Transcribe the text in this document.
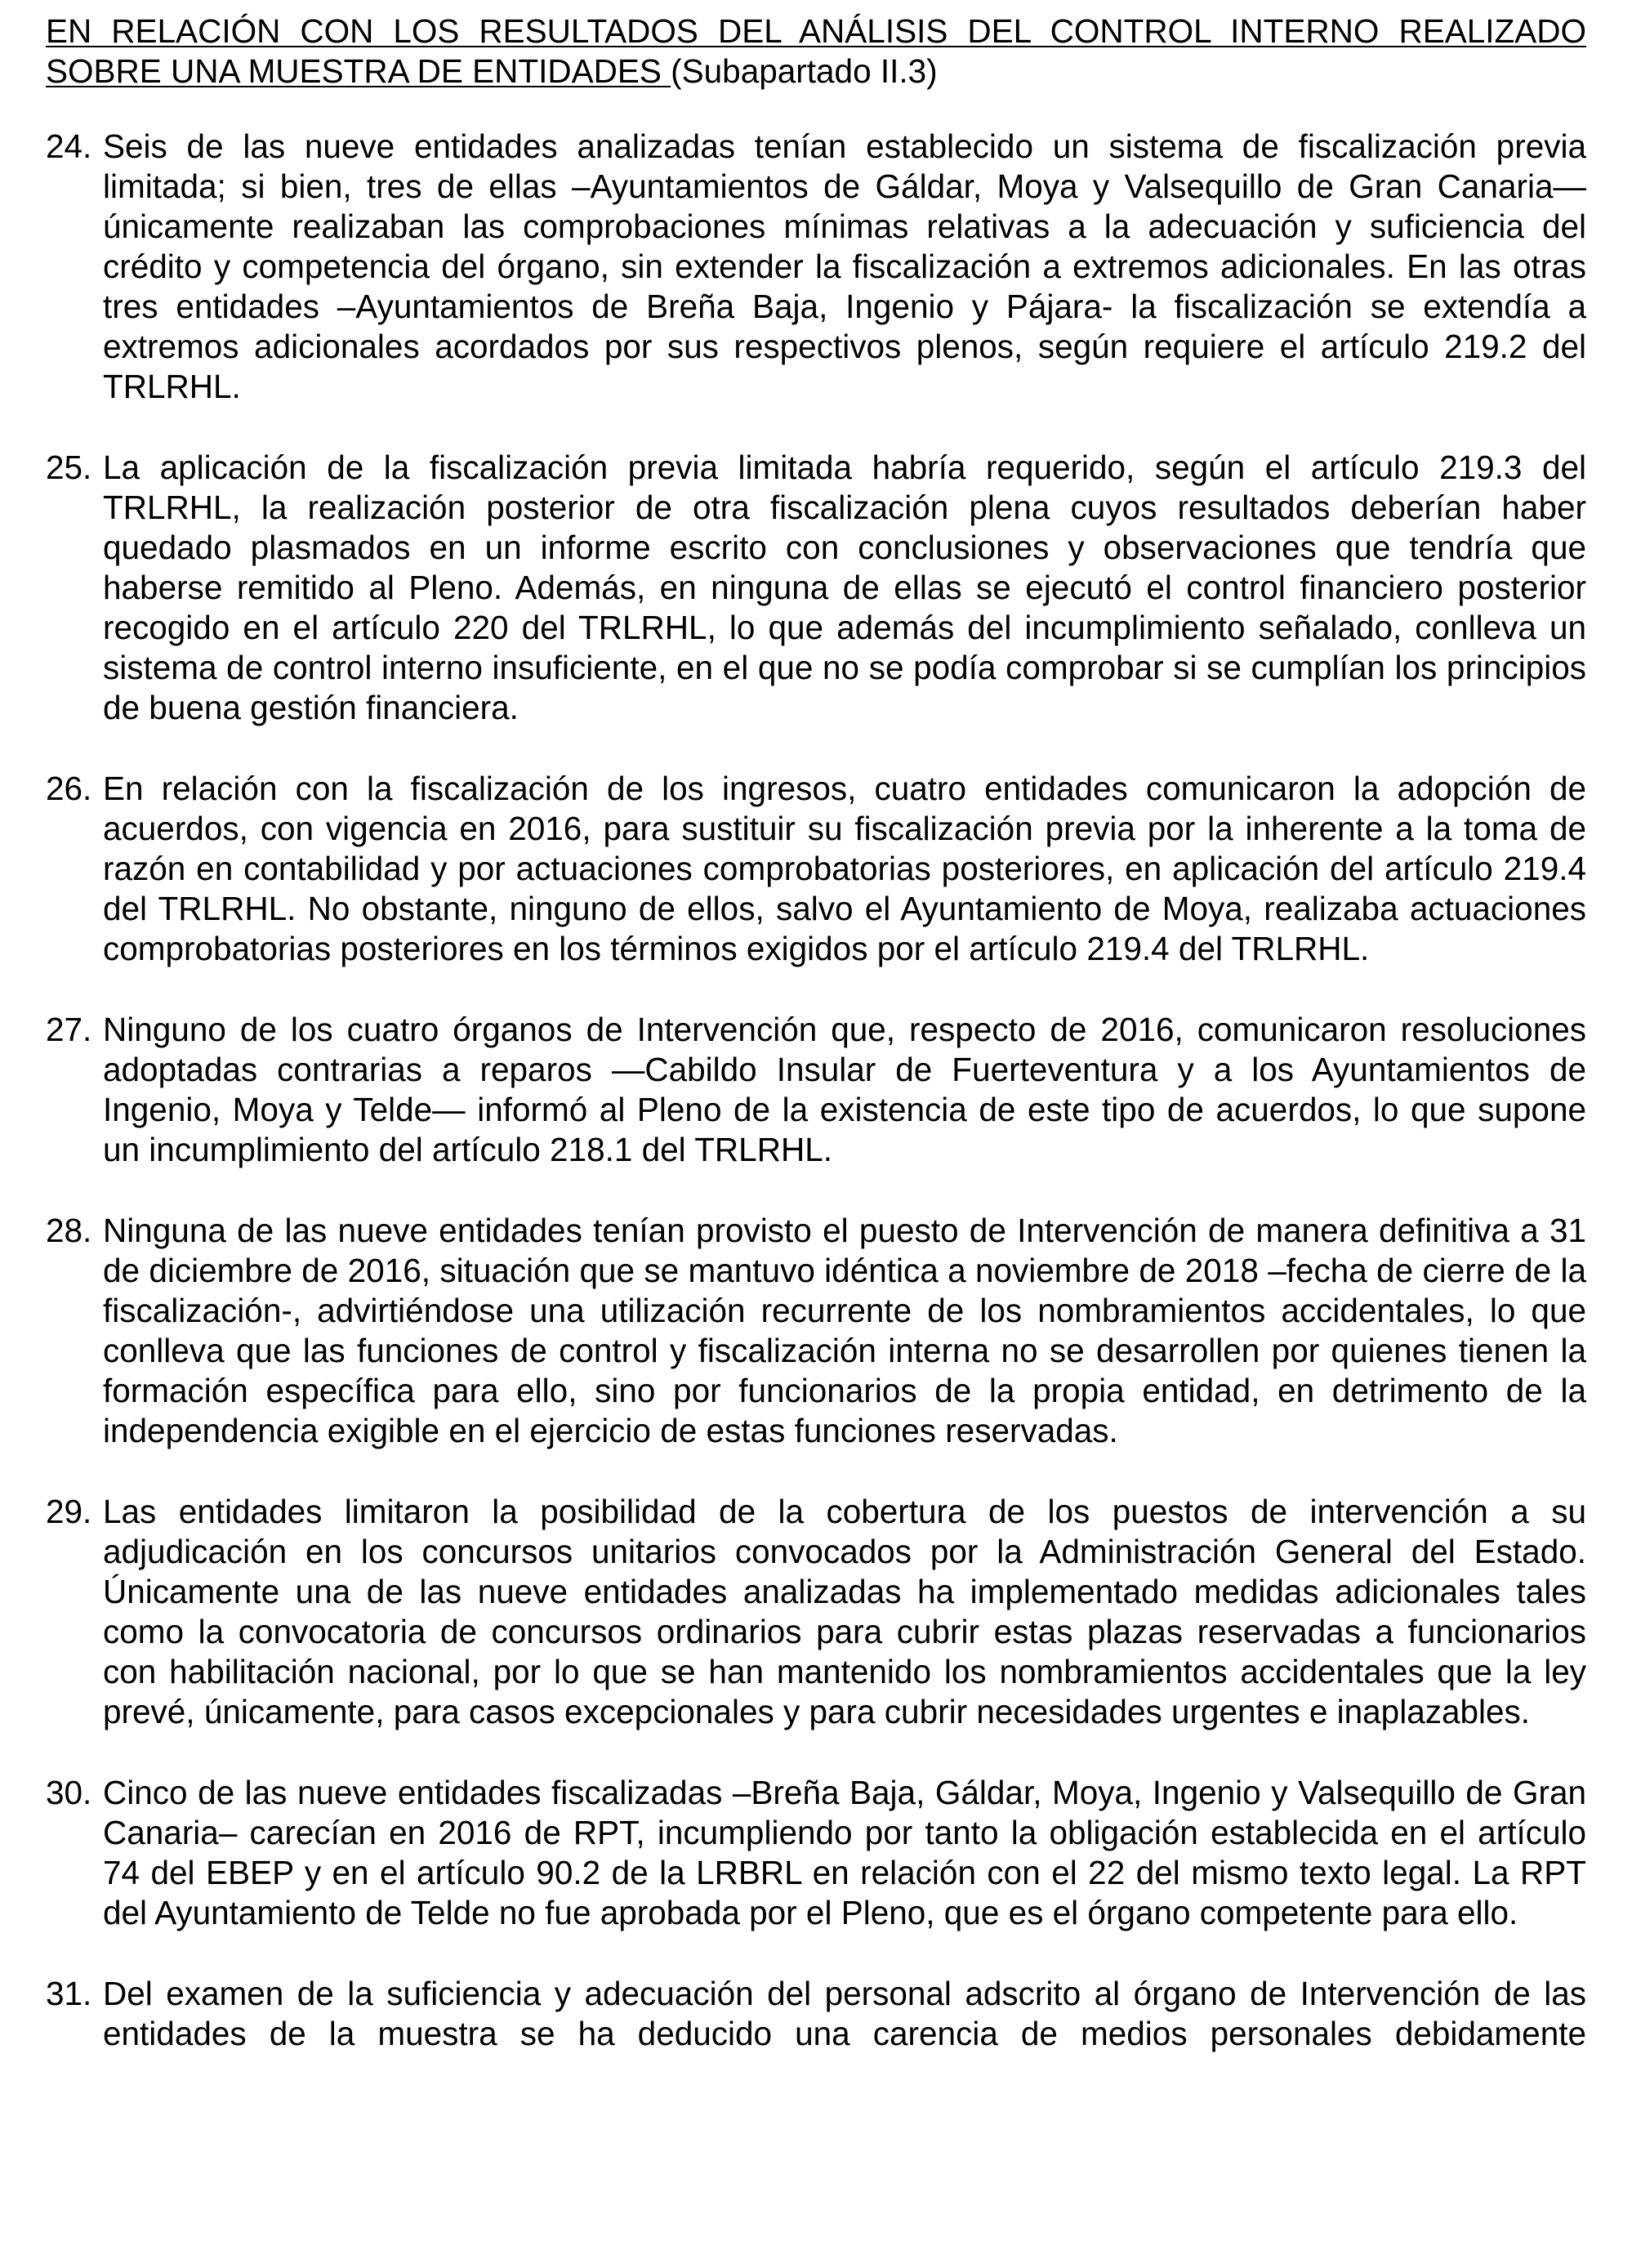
EN RELACIÓN CON LOS RESULTADOS DEL ANÁLISIS DEL CONTROL INTERNO REALIZADO SOBRE UNA MUESTRA DE ENTIDADES (Subapartado II.3)

24. Seis de las nueve entidades analizadas tenían establecido un sistema de fiscalización previa limitada; si bien, tres de ellas –Ayuntamientos de Gáldar, Moya y Valsequillo de Gran Canaria— únicamente realizaban las comprobaciones mínimas relativas a la adecuación y suficiencia del crédito y competencia del órgano, sin extender la fiscalización a extremos adicionales. En las otras tres entidades –Ayuntamientos de Breña Baja, Ingenio y Pájara- la fiscalización se extendía a extremos adicionales acordados por sus respectivos plenos, según requiere el artículo 219.2 del TRLRHL.
25. La aplicación de la fiscalización previa limitada habría requerido, según el artículo 219.3 del TRLRHL, la realización posterior de otra fiscalización plena cuyos resultados deberían haber quedado plasmados en un informe escrito con conclusiones y observaciones que tendría que haberse remitido al Pleno. Además, en ninguna de ellas se ejecutó el control financiero posterior recogido en el artículo 220 del TRLRHL, lo que además del incumplimiento señalado, conlleva un sistema de control interno insuficiente, en el que no se podía comprobar si se cumplían los principios de buena gestión financiera.
26. En relación con la fiscalización de los ingresos, cuatro entidades comunicaron la adopción de acuerdos, con vigencia en 2016, para sustituir su fiscalización previa por la inherente a la toma de razón en contabilidad y por actuaciones comprobatorias posteriores, en aplicación del artículo 219.4 del TRLRHL. No obstante, ninguno de ellos, salvo el Ayuntamiento de Moya, realizaba actuaciones comprobatorias posteriores en los términos exigidos por el artículo 219.4 del TRLRHL.
27. Ninguno de los cuatro órganos de Intervención que, respecto de 2016, comunicaron resoluciones adoptadas contrarias a reparos —Cabildo Insular de Fuerteventura y a los Ayuntamientos de Ingenio, Moya y Telde— informó al Pleno de la existencia de este tipo de acuerdos, lo que supone un incumplimiento del artículo 218.1 del TRLRHL.
28. Ninguna de las nueve entidades tenían provisto el puesto de Intervención de manera definitiva a 31 de diciembre de 2016, situación que se mantuvo idéntica a noviembre de 2018 –fecha de cierre de la fiscalización-, advirtiéndose una utilización recurrente de los nombramientos accidentales, lo que conlleva que las funciones de control y fiscalización interna no se desarrollen por quienes tienen la formación específica para ello, sino por funcionarios de la propia entidad, en detrimento de la independencia exigible en el ejercicio de estas funciones reservadas.
29. Las entidades limitaron la posibilidad de la cobertura de los puestos de intervención a su adjudicación en los concursos unitarios convocados por la Administración General del Estado. Únicamente una de las nueve entidades analizadas ha implementado medidas adicionales tales como la convocatoria de concursos ordinarios para cubrir estas plazas reservadas a funcionarios con habilitación nacional, por lo que se han mantenido los nombramientos accidentales que la ley prevé, únicamente, para casos excepcionales y para cubrir necesidades urgentes e inaplazables.
30. Cinco de las nueve entidades fiscalizadas –Breña Baja, Gáldar, Moya, Ingenio y Valsequillo de Gran Canaria– carecían en 2016 de RPT, incumpliendo por tanto la obligación establecida en el artículo 74 del EBEP y en el artículo 90.2 de la LRBRL en relación con el 22 del mismo texto legal. La RPT del Ayuntamiento de Telde no fue aprobada por el Pleno, que es el órgano competente para ello.
31. Del examen de la suficiencia y adecuación del personal adscrito al órgano de Intervención de las entidades de la muestra se ha deducido una carencia de medios personales debidamente
